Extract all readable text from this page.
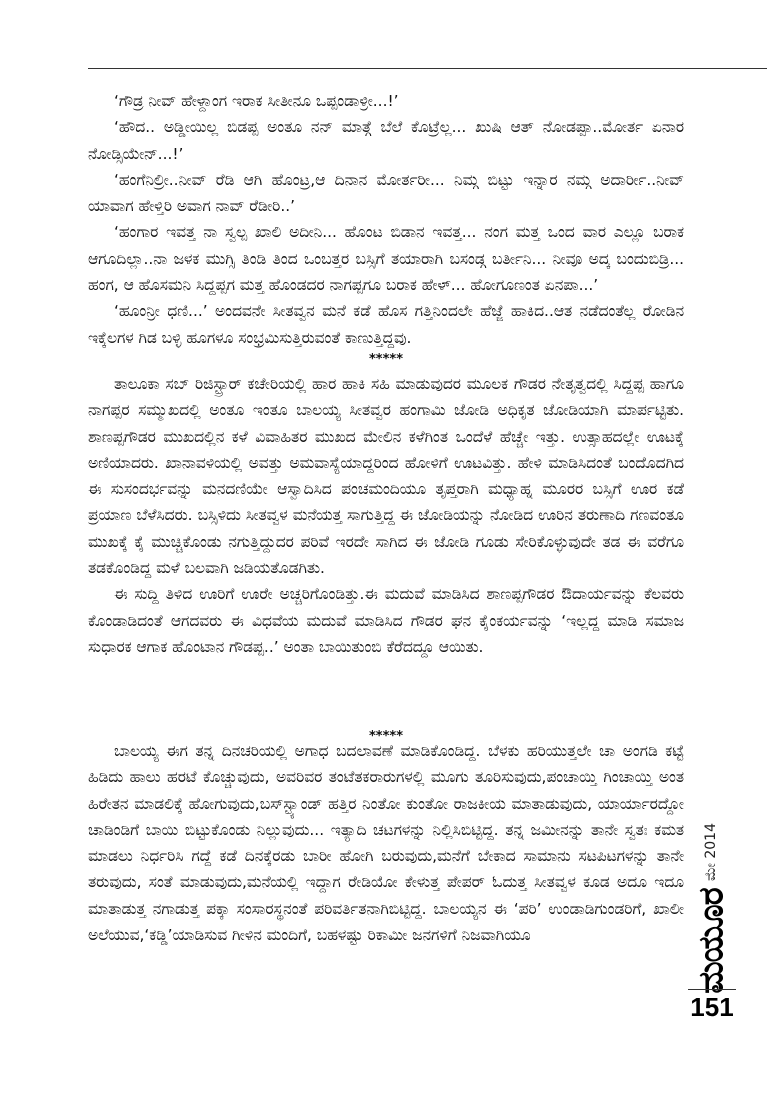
‘ಗೌಡ್ರ ನೀವ್ ಹೇಳ್ದಾಂಗ ಇರಾಕ ಸೀತೀನೂ ಒಪ್ಪಂಡಾಳ್ರೀ...!’

‘ಹೌದ.. ಅಡ್ಡೀಯಿಲ್ಲ ಬಿಡಪ್ಪ ಅಂತೂ ನನ್ ಮಾತ್ಗೆ ಬೆಲೆ ಕೊಟ್ರೆಲ್ಲ... ಖುಷಿ ಆತ್ ನೋಡಪ್ಪಾ..ಮೋರ್ತ ಏನಾರ ನೋಡ್ಸಿಯೇನ್...!’

‘ಹಂಗೆನಿಲ್ರೀ..ನೀವ್ ರೆಡಿ ಆಗಿ ಹೊಂಟ್ರ,ಆ ದಿನಾನ ಮೋರ್ತರೀ... ನಿಮ್ಗ ಬಿಟ್ಟು ಇನ್ನಾರ ನಮ್ಗ ಅದಾರ್ರೀ..ನೀವ್ ಯಾವಾಗ ಹೇಳ್ತಿರಿ ಅವಾಗ ನಾವ್ ರೆಡೀರಿ..’

‘ಹಂಗಾರ ಇವತ್ತ ನಾ ಸ್ವಲ್ಪ ಖಾಲಿ ಅದೀನಿ... ಹೊಂಟ ಬಿಡಾನ ಇವತ್ತ... ನಂಗ ಮತ್ತ ಒಂದ ವಾರ ಎಲ್ಲೂ ಬರಾಕ ಆಗೂದಿಲ್ಲಾ..ನಾ ಜಳಕ ಮುಗ್ಸಿ ತಿಂಡಿ ತಿಂದ ಒಂಬತ್ತರ ಬಸ್ಸಿಗೆ ತಯಾರಾಗಿ ಬಸಂಡ್ಗ ಬರ್ತೀನಿ... ನೀವೂ ಅದ್ಕ ಬಂದುಬಿಡ್ರಿ... ಹಂಗ, ಆ ಹೊಸಮನಿ ಸಿದ್ದಪ್ಪಗ ಮತ್ತ ಹೊಂಡದರ ನಾಗಪ್ಪಗೂ ಬರಾಕ ಹೇಳ್... ಹೋಗೂಣಂತ ಏನಪಾ...’

‘ಹೂಂನ್ರೀ ಧಣಿ...’ ಅಂದವನೇ ಸೀತವ್ವನ ಮನೆ ಕಡೆ ಹೊಸ ಗತ್ತಿನಿಂದಲೇ ಹೆಜ್ಜೆ ಹಾಕಿದ..ಆತ ನಡೆದಂತೆಲ್ಲ ರೋಡಿನ ಇಕ್ಕೆಲಗಳ ಗಿಡ ಬಳ್ಳಿ ಹೂಗಳೂ ಸಂಭ್ರಮಿಸುತ್ತಿರುವಂತೆ ಕಾಣುತ್ತಿದ್ದವು.

*****

ತಾಲೂಕಾ ಸಬ್ ರಿಜಿಸ್ಟ್ರಾರ್ ಕಚೇರಿಯಲ್ಲಿ ಹಾರ ಹಾಕಿ ಸಹಿ ಮಾಡುವುದರ ಮೂಲಕ ಗೌಡರ ನೇತೃತ್ವದಲ್ಲಿ ಸಿದ್ದಪ್ಪ ಹಾಗೂ ನಾಗಪ್ಪರ ಸಮ್ಮುಖದಲ್ಲಿ ಅಂತೂ ಇಂತೂ ಬಾಲಯ್ಯ ಸೀತವ್ವರ ಹಂಗಾಮಿ ಜೋಡಿ ಅಧಿಕೃತ ಜೋಡಿಯಾಗಿ ಮಾರ್ಪಟ್ಟಿತು. ಶಾಣಪ್ಪಗೌಡರ ಮುಖದಲ್ಲಿನ ಕಳೆ ವಿವಾಹಿತರ ಮುಖದ ಮೇಲಿನ ಕಳೆಗಿಂತ ಒಂದೆಳೆ ಹೆಚ್ಚೇ ಇತ್ತು. ಉತ್ಸಾಹದಲ್ಲೇ ಊಟಕ್ಕೆ ಅಣಿಯಾದರು. ಖಾನಾವಳಿಯಲ್ಲಿ ಅವತ್ತು ಅಮವಾಸ್ಯೆಯಾದ್ದರಿಂದ ಹೋಳಿಗೆ ಊಟವಿತ್ತು. ಹೇಳಿ ಮಾಡಿಸಿದಂತೆ ಬಂದೊದಗಿದ ಈ ಸುಸಂದರ್ಭವನ್ನು ಮನದಣಿಯೇ ಆಸ್ವಾದಿಸಿದ ಪಂಚಮಂದಿಯೂ ತೃಪ್ತರಾಗಿ ಮಧ್ಯಾಹ್ನ ಮೂರರ ಬಸ್ಸಿಗೆ ಊರ ಕಡೆ ಪ್ರಯಾಣ ಬೆಳೆಸಿದರು. ಬಸ್ಸಿಳಿದು ಸೀತವ್ವಳ ಮನೆಯತ್ತ ಸಾಗುತ್ತಿದ್ದ ಈ ಜೋಡಿಯನ್ನು ನೋಡಿದ ಊರಿನ ತರುಣಾದಿ ಗಣವಂತೂ ಮುಖಕ್ಕೆ ಕೈ ಮುಚ್ಚಿಕೊಂಡು ನಗುತ್ತಿದ್ದುದರ ಪರಿವೆ ಇರದೇ ಸಾಗಿದ ಈ ಜೋಡಿ ಗೂಡು ಸೇರಿಕೊಳ್ಳುವುದೇ ತಡ ಈ ವರೆಗೂ ತಡಕೊಂಡಿದ್ದ ಮಳೆ ಬಲವಾಗಿ ಜಡಿಯತೊಡಗಿತು.

ಈ ಸುದ್ದಿ ತಿಳಿದ ಊರಿಗೆ ಊರೇ ಅಚ್ಚರಿಗೊಂಡಿತ್ತು.ಈ ಮದುವೆ ಮಾಡಿಸಿದ ಶಾಣಪ್ಪಗೌಡರ ಔದಾರ್ಯವನ್ನು ಕೆಲವರು ಕೊಂಡಾಡಿದಂತೆ ಆಗದವರು ಈ ವಿಧವೆಯ ಮದುವೆ ಮಾಡಿಸಿದ ಗೌಡರ ಘನ ಕೈಂಕರ್ಯವನ್ನು ‘ಇಲ್ಲದ್ದ ಮಾಡಿ ಸಮಾಜ ಸುಧಾರಕ ಆಗಾಕ ಹೊಂಟಾನ ಗೌಡಪ್ಪ..’ ಅಂತಾ ಬಾಯಿತುಂಬಿ ಕೆರೆದದ್ದೂ ಆಯಿತು.

*****

ಬಾಲಯ್ಯ ಈಗ ತನ್ನ ದಿನಚರಿಯಲ್ಲಿ ಅಗಾಧ ಬದಲಾವಣೆ ಮಾಡಿಕೊಂಡಿದ್ದ. ಬೆಳಕು ಹರಿಯುತ್ತಲೇ ಚಾ ಅಂಗಡಿ ಕಟ್ಟೆ ಹಿಡಿದು ಹಾಲು ಹರಟೆ ಕೊಚ್ಚುವುದು, ಅವರಿವರ ತಂಟೆತಕರಾರುಗಳಲ್ಲಿ ಮೂಗು ತೂರಿಸುವುದು,ಪಂಚಾಯ್ತಿ ಗಿಂಚಾಯ್ತಿ ಅಂತ ಹಿರೇತನ ಮಾಡಲಿಕ್ಕೆ ಹೋಗುವುದು,ಬಸ್‌ಸ್ಟ್ಯಾಂಡ್ ಹತ್ತಿರ ನಿಂತೋ ಕುಂತೋ ರಾಜಕೀಯ ಮಾತಾಡುವುದು, ಯಾರ್ಯಾರದ್ದೋ ಚಾಡಿಂಡಿಗೆ ಬಾಯಿ ಬಿಟ್ಟುಕೊಂಡು ನಿಲ್ಲುವುದು... ಇತ್ಯಾದಿ ಚಟಗಳನ್ನು ನಿಲ್ಲಿಸಿಬಿಟ್ಟಿದ್ದ. ತನ್ನ ಜಮೀನನ್ನು ತಾನೇ ಸ್ವತಃ ಕಮತ ಮಾಡಲು ನಿರ್ಧರಿಸಿ ಗದ್ದೆ ಕಡೆ ದಿನಕ್ಕೆರಡು ಬಾರೀ ಹೋಗಿ ಬರುವುದು,ಮನೆಗೆ ಬೇಕಾದ ಸಾಮಾನು ಸಟಪಿಟಗಳನ್ನು ತಾನೇ ತರುವುದು, ಸಂತೆ ಮಾಡುವುದು,ಮನೆಯಲ್ಲಿ ಇದ್ದಾಗ ರೇಡಿಯೋ ಕೇಳುತ್ತ ಪೇಪರ್ ಓದುತ್ತ ಸೀತವ್ವಳ ಕೂಡ ಅದೂ ಇದೂ ಮಾತಾಡುತ್ತ ನಗಾಡುತ್ತ ಪಕ್ಕಾ ಸಂಸಾರಸ್ಥನಂತೆ ಪರಿವರ್ತಿತನಾಗಿಬಿಟ್ಟಿದ್ದ. ಬಾಲಯ್ಯನ ಈ ‘ಪರಿ’ ಉಂಡಾಡಿಗುಂಡರಿಗೆ, ಖಾಲೀ ಅಲೆಯುವ,‘ಕಡ್ಡಿ’ಯಾಡಿಸುವ ಗೀಳಿನ ಮಂದಿಗೆ, ಬಹಳಷ್ಟು ರಿಕಾಮೀ ಜನಗಳಿಗೆ ನಿಜವಾಗಿಯೂ

ಮೇ 2014
ಮಯೂರ
151
